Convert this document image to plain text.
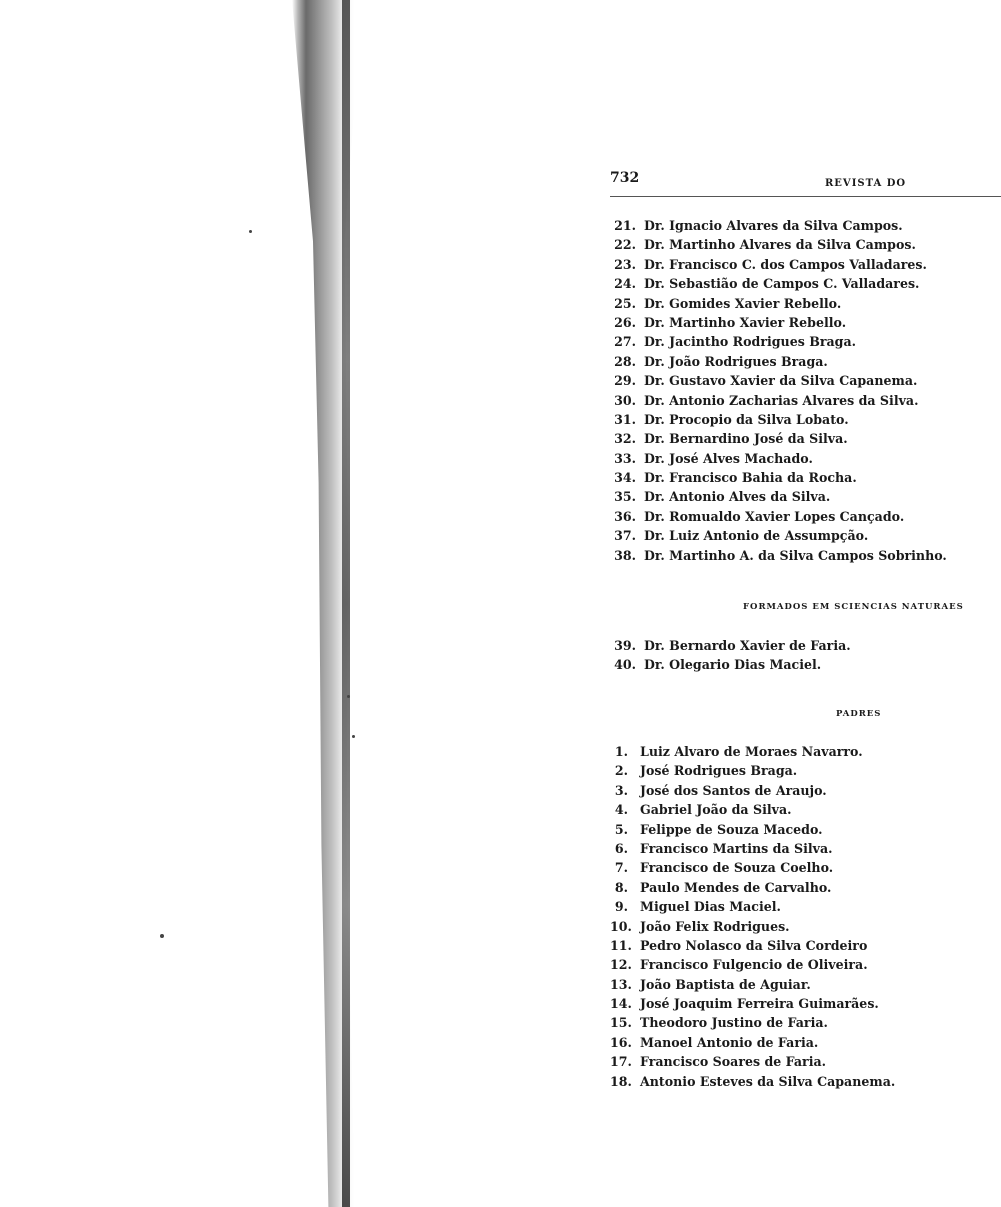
732	REVISTA DO
21. Dr. Ignacio Alvares da Silva Campos.
22. Dr. Martinho Alvares da Silva Campos.
23. Dr. Francisco C. dos Campos Valladares.
24. Dr. Sebastião de Campos C. Valladares.
25. Dr. Gomides Xavier Rebello.
26. Dr. Martinho Xavier Rebello.
27. Dr. Jacintho Rodrigues Braga.
28. Dr. João Rodrigues Braga.
29. Dr. Gustavo Xavier da Silva Capanema.
30. Dr. Antonio Zacharias Alvares da Silva.
31. Dr. Procopio da Silva Lobato.
32. Dr. Bernardino José da Silva.
33. Dr. José Alves Machado.
34. Dr. Francisco Bahia da Rocha.
35. Dr. Antonio Alves da Silva.
36. Dr. Romualdo Xavier Lopes Cançado.
37. Dr. Luiz Antonio de Assumpção.
38. Dr. Martinho A. da Silva Campos Sobrinho.
FORMADOS EM SCIENCIAS NATURAES
39. Dr. Bernardo Xavier de Faria.
40. Dr. Olegario Dias Maciel.
PADRES
1. Luiz Alvaro de Moraes Navarro.
2. José Rodrigues Braga.
3. José dos Santos de Araujo.
4. Gabriel João da Silva.
5. Felippe de Souza Macedo.
6. Francisco Martins da Silva.
7. Francisco de Souza Coelho.
8. Paulo Mendes de Carvalho.
9. Miguel Dias Maciel.
10. João Felix Rodrigues.
11. Pedro Nolasco da Silva Cordeiro
12. Francisco Fulgencio de Oliveira.
13. João Baptista de Aguiar.
14. José Joaquim Ferreira Guimarães.
15. Theodoro Justino de Faria.
16. Manoel Antonio de Faria.
17. Francisco Soares de Faria.
18. Antonio Esteves da Silva Capanema.
